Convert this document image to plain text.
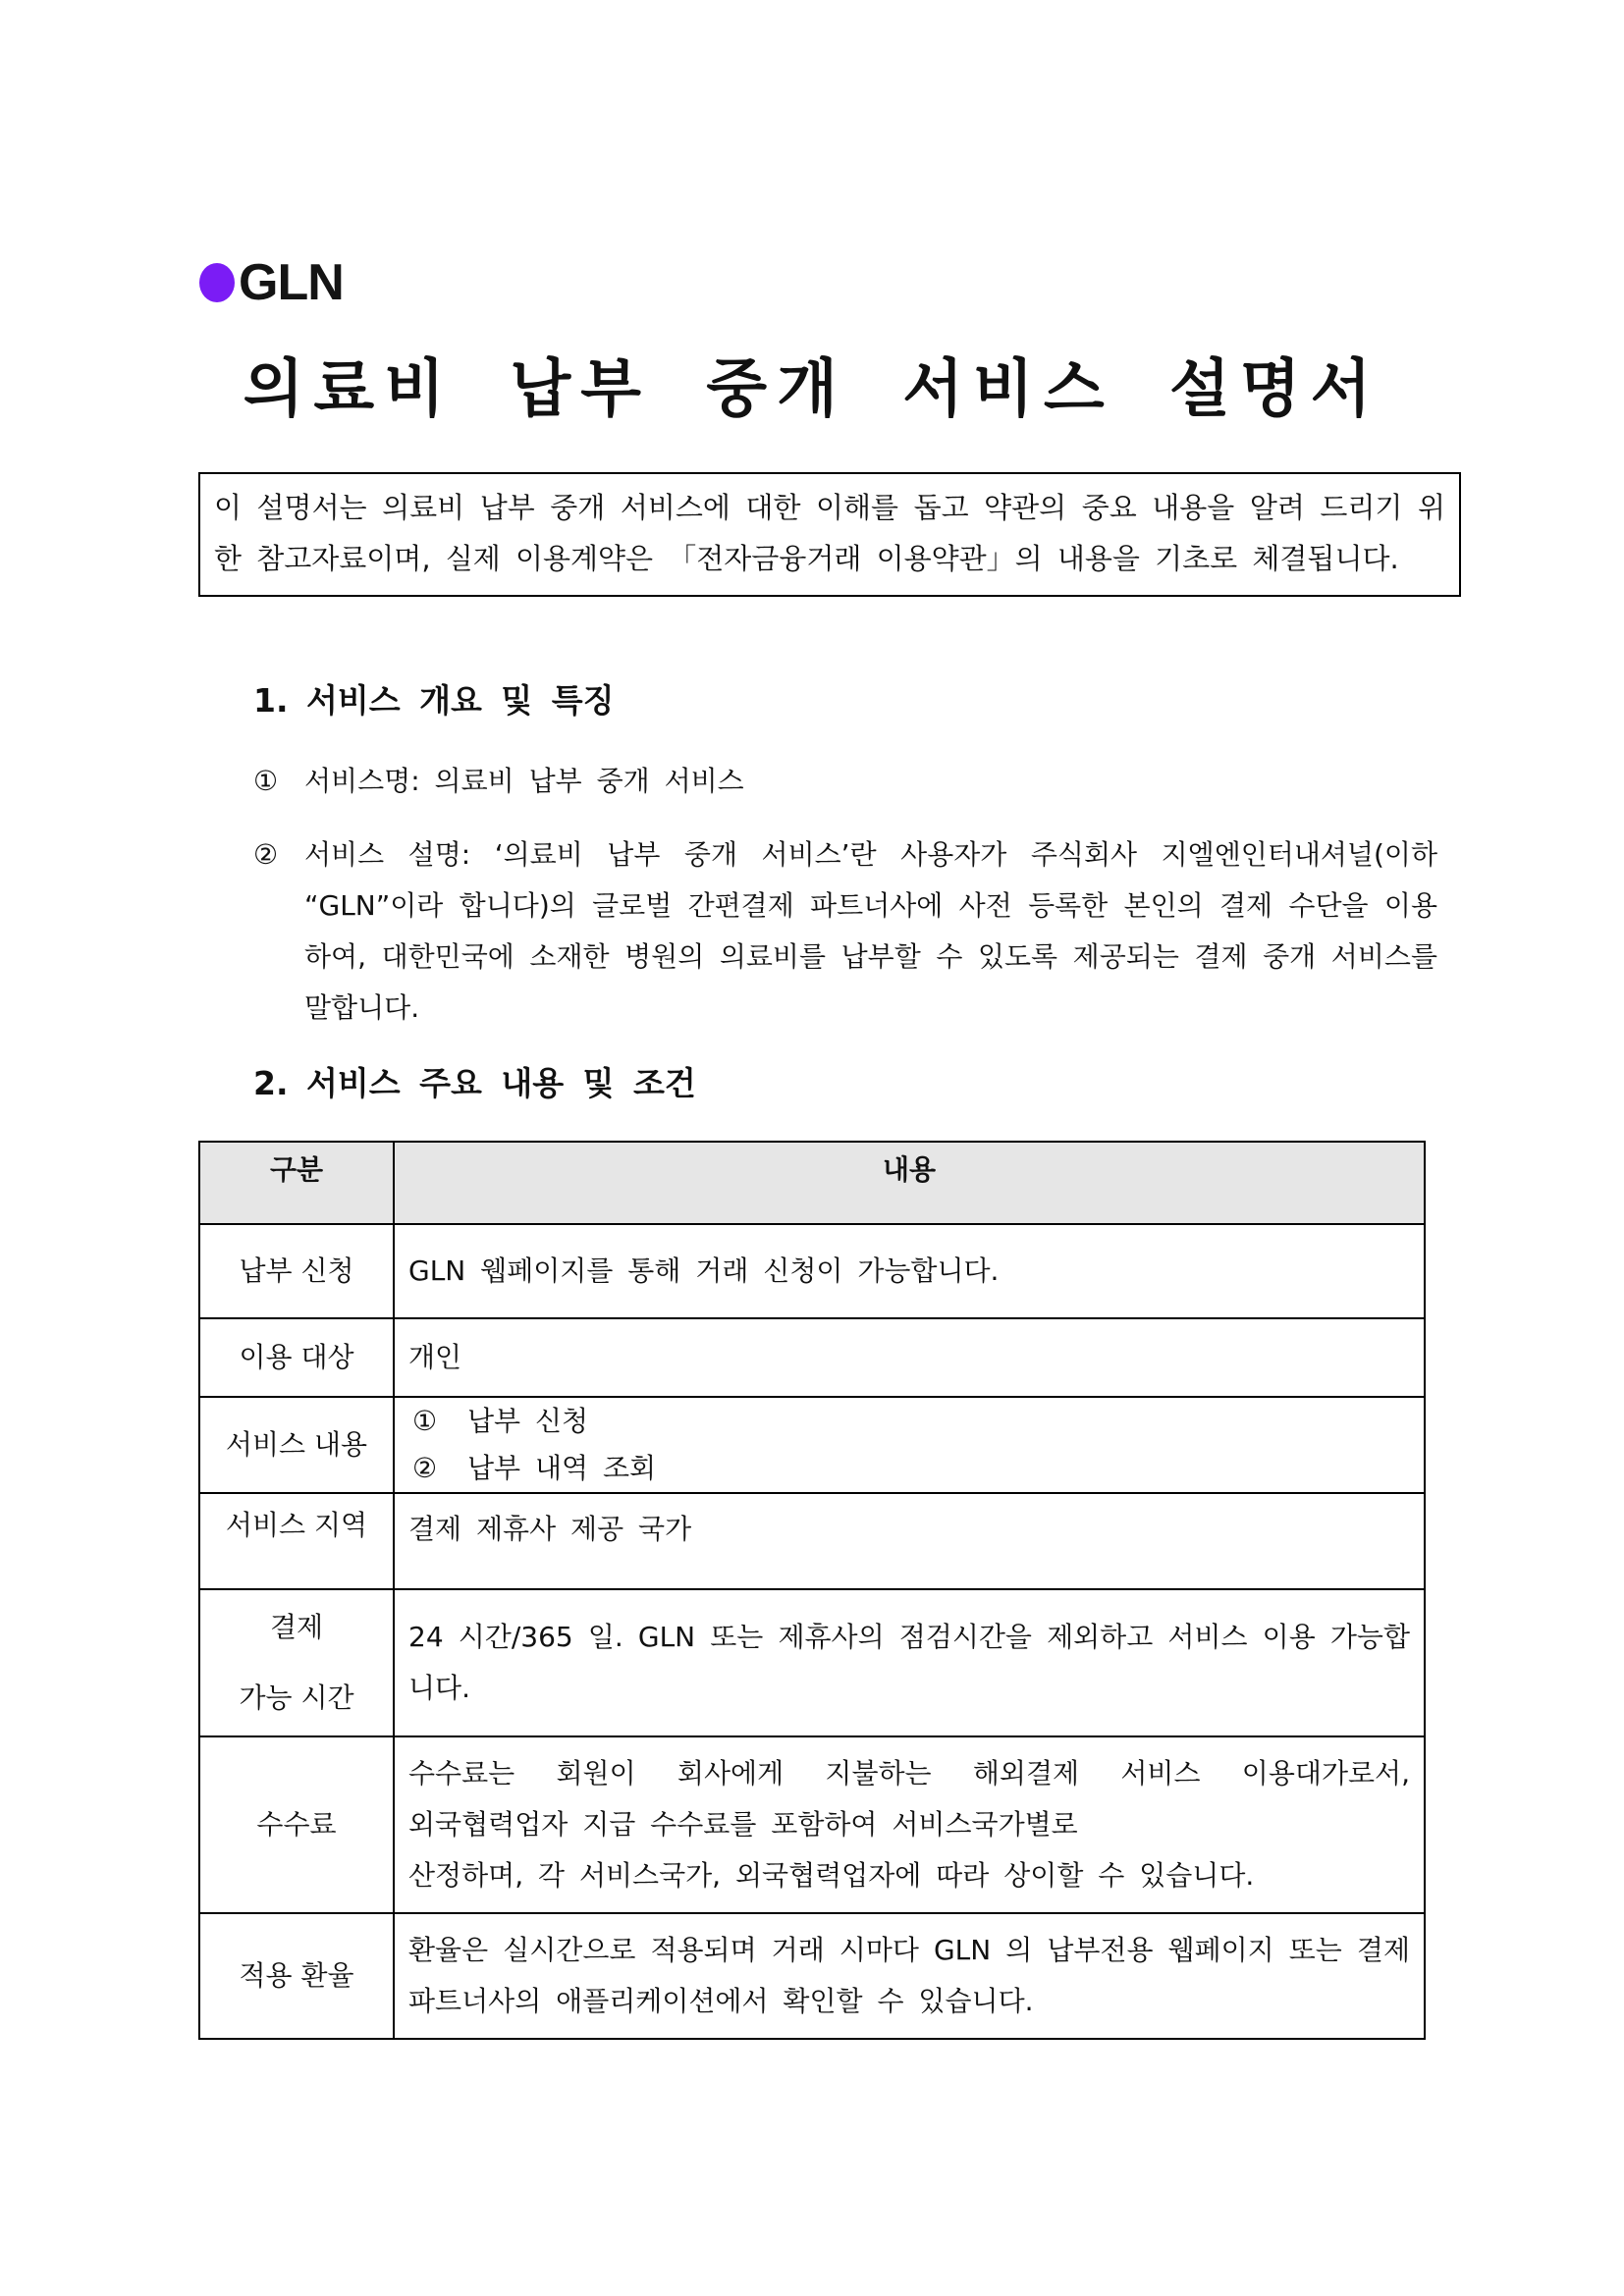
GLN
의료비 납부 중개 서비스 설명서
이 설명서는 의료비 납부 중개 서비스에 대한 이해를 돕고 약관의 중요 내용을 알려 드리기 위한 참고자료이며, 실제 이용계약은 「전자금융거래 이용약관」의 내용을 기초로 체결됩니다.
1. 서비스 개요 및 특징
① 서비스명: 의료비 납부 중개 서비스
② 서비스 설명: ‘의료비 납부 중개 서비스’란 사용자가 주식회사 지엘엔인터내셔널(이하 “GLN”이라 합니다)의 글로벌 간편결제 파트너사에 사전 등록한 본인의 결제 수단을 이용하여, 대한민국에 소재한 병원의 의료비를 납부할 수 있도록 제공되는 결제 중개 서비스를 말합니다.
2. 서비스 주요 내용 및 조건
구분	내용
납부 신청	GLN 웹페이지를 통해 거래 신청이 가능합니다.

이용 대상	개인

서비스 내용	① 납부 신청
② 납부 내역 조회

서비스 지역	결제 제휴사 제공 국가

결제
가능 시간	24 시간/365 일. GLN 또는 제휴사의 점검시간을 제외하고 서비스 이용 가능합니다.

수수료	수수료는 회원이 회사에게 지불하는 해외결제 서비스 이용대가로서,
외국협력업자 지급 수수료를 포함하여 서비스국가별로
산정하며, 각 서비스국가, 외국협력업자에 따라 상이할 수 있습니다.

적용 환율	환율은 실시간으로 적용되며 거래 시마다 GLN 의 납부전용 웹페이지 또는 결제 파트너사의 애플리케이션에서 확인할 수 있습니다.
